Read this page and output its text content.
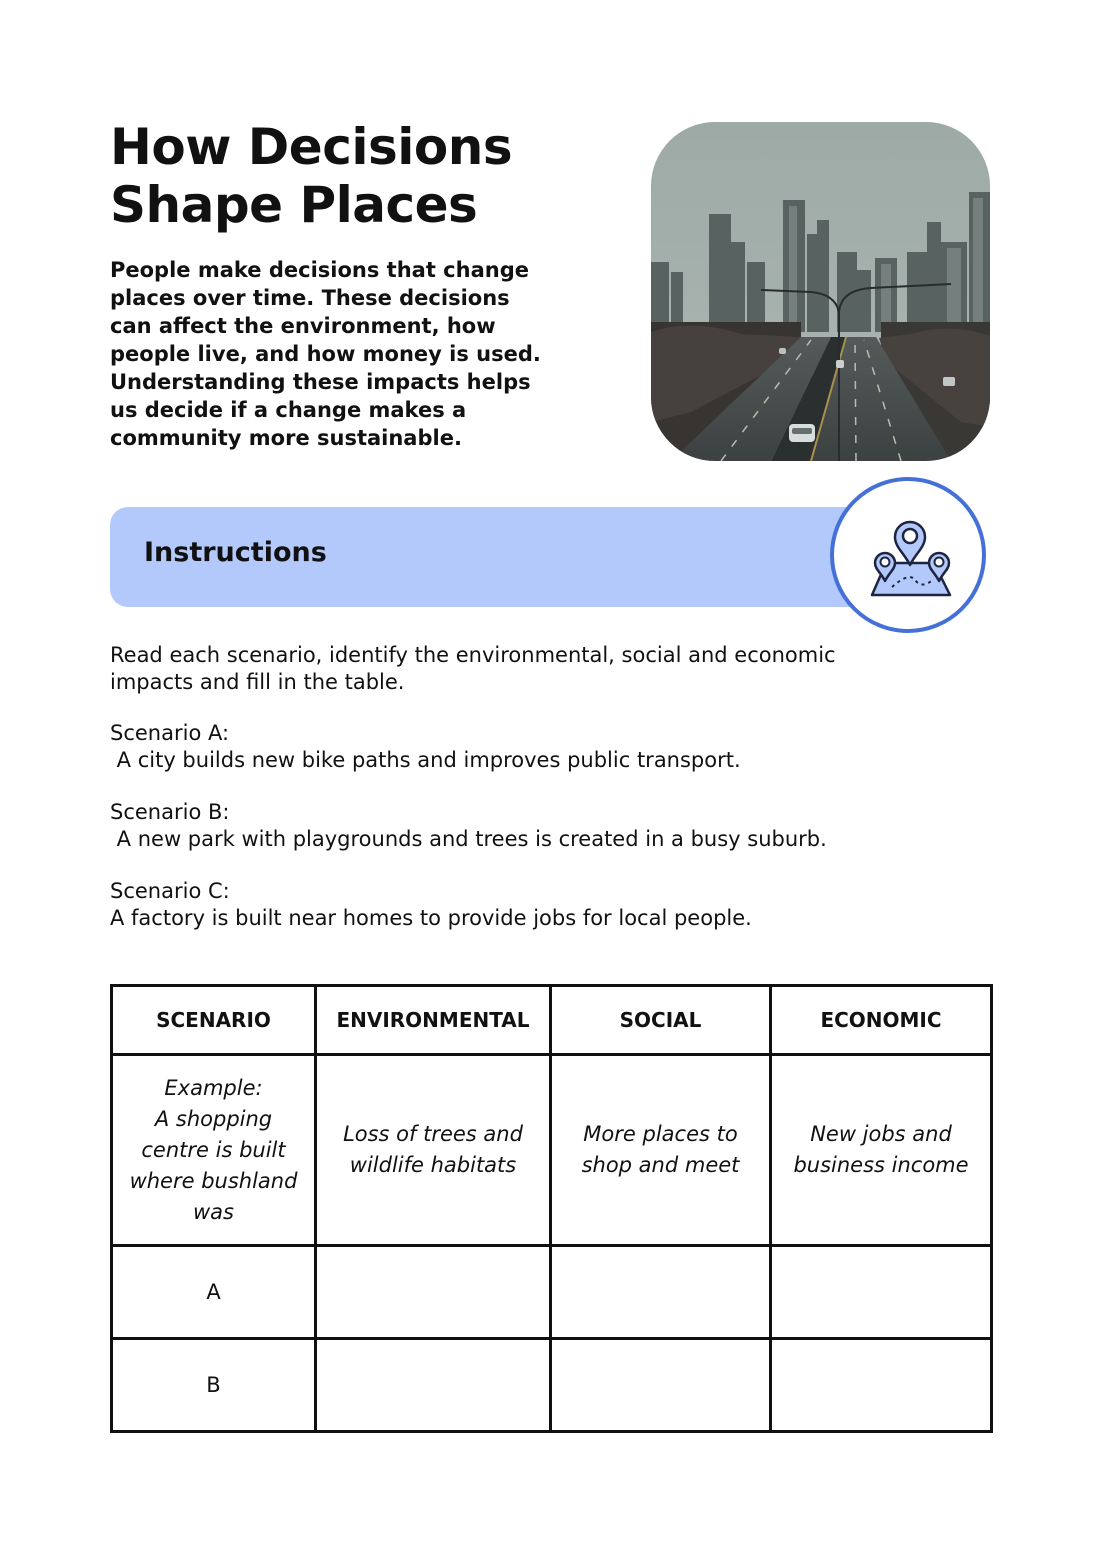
How Decisions
Shape Places

People make decisions that change
places over time. These decisions
can affect the environment, how
people live, and how money is used.
Understanding these impacts helps
us decide if a change makes a
community more sustainable.

Instructions

Read each scenario, identify the environmental, social and economic
impacts and fill in the table.

Scenario A:
A city builds new bike paths and improves public transport.

Scenario B:
A new park with playgrounds and trees is created in a busy suburb.

Scenario C:
A factory is built near homes to provide jobs for local people.

SCENARIO	ENVIRONMENTAL	SOCIAL	ECONOMIC

Example:
A shopping
centre is built
where bushland
was	Loss of trees and
wildlife habitats	More places to
shop and meet	New jobs and
business income

A			
B			
